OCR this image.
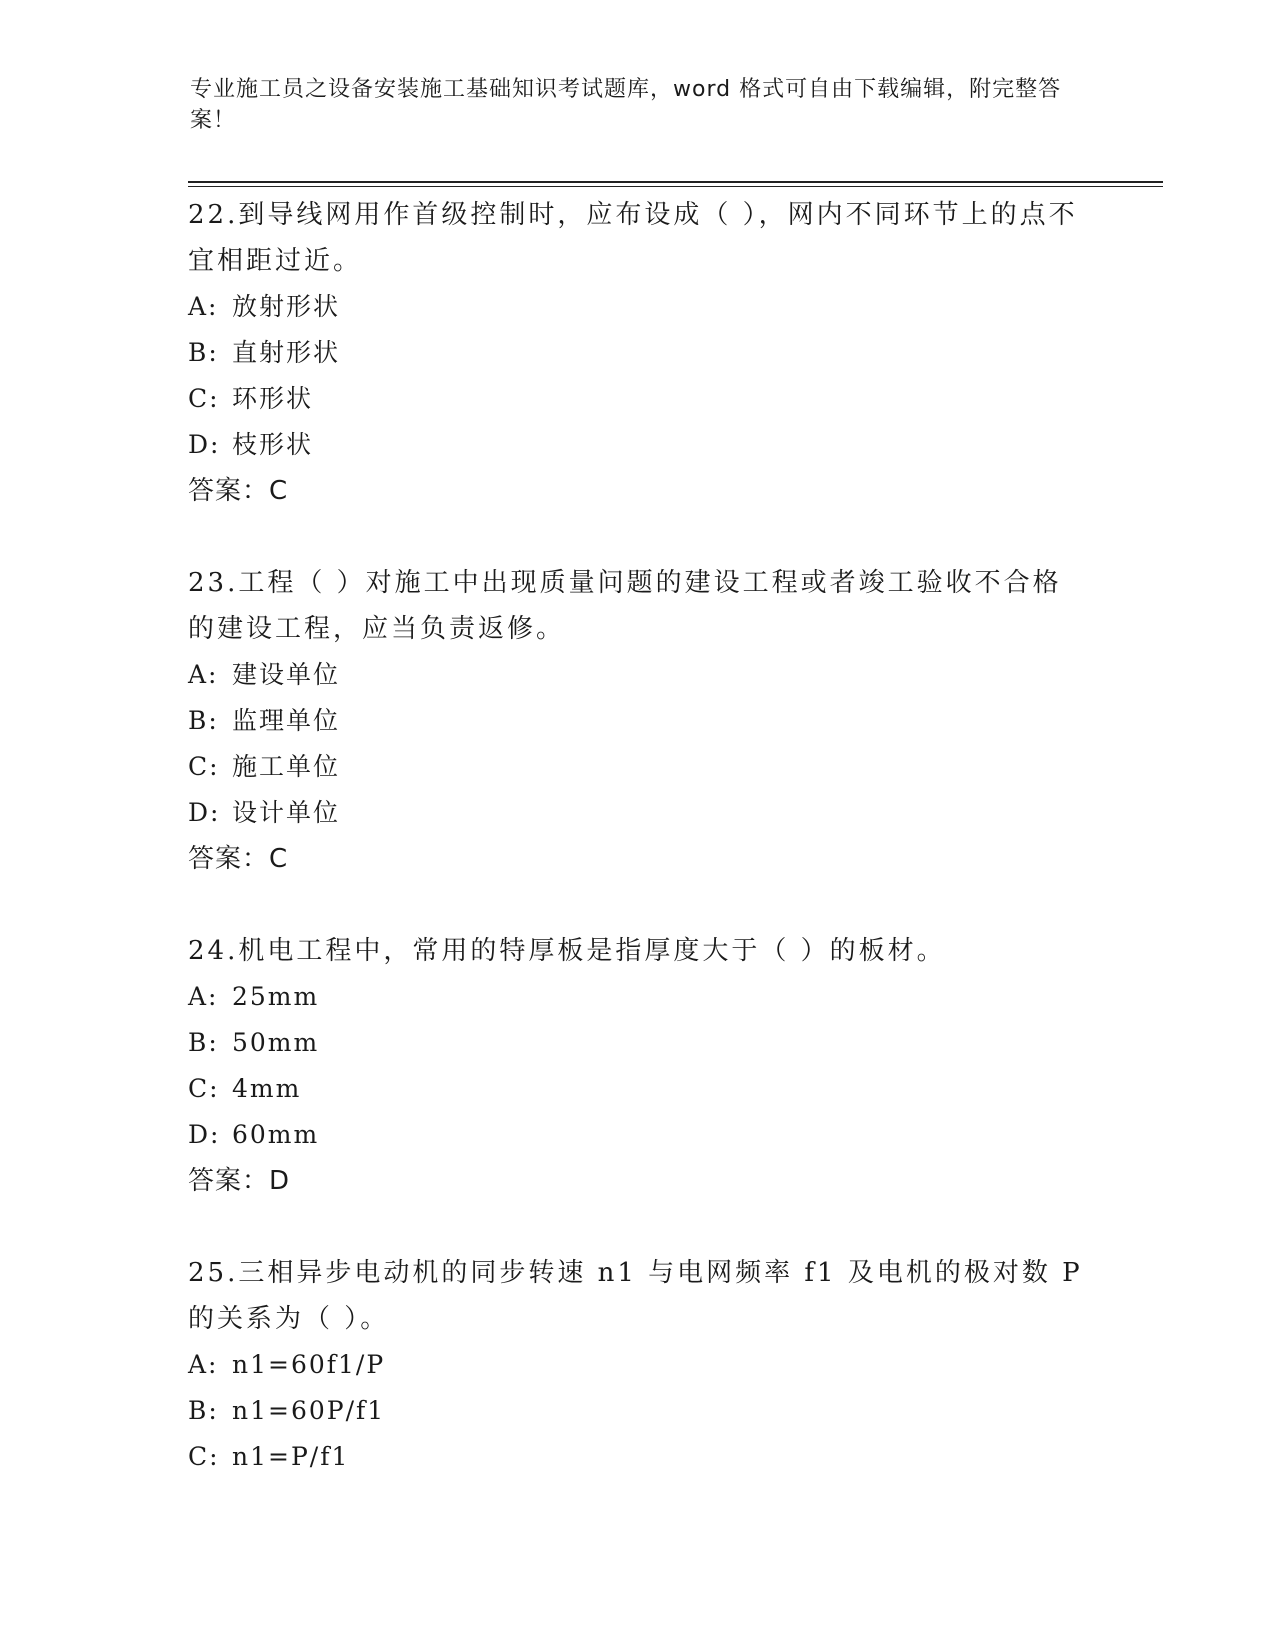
专业施工员之设备安装施工基础知识考试题库，word 格式可自由下载编辑，附完整答案！

22.到导线网用作首级控制时，应布设成（ ），网内不同环节上的点不宜相距过近。

A: 放射形状
B: 直射形状
C: 环形状
D: 枝形状
答案：C

23.工程（ ）对施工中出现质量问题的建设工程或者竣工验收不合格的建设工程，应当负责返修。

A: 建设单位
B: 监理单位
C: 施工单位
D: 设计单位
答案：C

24.机电工程中，常用的特厚板是指厚度大于（ ）的板材。

A: 25mm
B: 50mm
C: 4mm
D: 60mm
答案：D

25.三相异步电动机的同步转速 n1 与电网频率 f1 及电机的极对数 P 的关系为（ ）。

A: n1=60f1/P
B: n1=60P/f1
C: n1=P/f1
